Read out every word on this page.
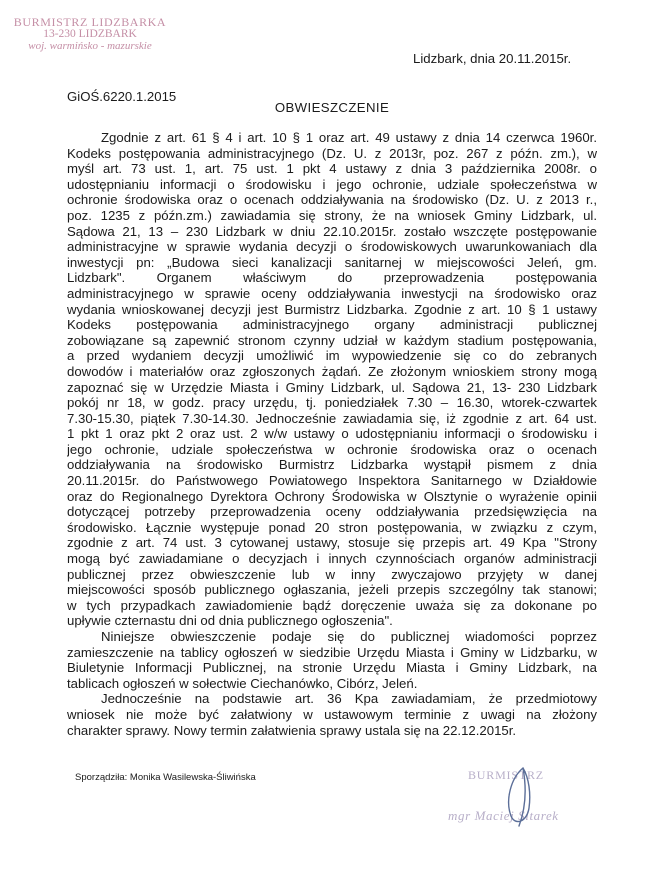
BURMISTRZ LIDZBARKA
13-230 LIDZBARK
woj. warmińsko - mazurskie
Lidzbark, dnia 20.11.2015r.
GiOŚ.6220.1.2015
OBWIESZCZENIE
Zgodnie z art. 61 § 4 i art. 10 § 1 oraz art. 49 ustawy z dnia 14 czerwca 1960r.
Kodeks postępowania administracyjnego (Dz. U. z 2013r, poz. 267 z późn. zm.), w
myśl art. 73 ust. 1, art. 75 ust. 1 pkt 4 ustawy z dnia 3 października 2008r. o
udostępnianiu informacji o środowisku i jego ochronie, udziale społeczeństwa w
ochronie środowiska oraz o ocenach oddziaływania na środowisko (Dz. U. z 2013 r.,
poz. 1235 z późn.zm.) zawiadamia się strony, że na wniosek Gminy Lidzbark, ul.
Sądowa 21, 13 – 230 Lidzbark w dniu 22.10.2015r. zostało wszczęte postępowanie
administracyjne w sprawie wydania decyzji o środowiskowych uwarunkowaniach dla
inwestycji pn: „Budowa sieci kanalizacji sanitarnej w miejscowości Jeleń, gm.
Lidzbark". Organem właściwym do przeprowadzenia postępowania
administracyjnego w sprawie oceny oddziaływania inwestycji na środowisko oraz
wydania wnioskowanej decyzji jest Burmistrz Lidzbarka. Zgodnie z art. 10 § 1 ustawy
Kodeks postępowania administracyjnego organy administracji publicznej
zobowiązane są zapewnić stronom czynny udział w każdym stadium postępowania,
a przed wydaniem decyzji umożliwić im wypowiedzenie się co do zebranych
dowodów i materiałów oraz zgłoszonych żądań. Ze złożonym wnioskiem strony mogą
zapoznać się w Urzędzie Miasta i Gminy Lidzbark, ul. Sądowa 21, 13- 230 Lidzbark
pokój nr 18, w godz. pracy urzędu, tj. poniedziałek 7.30 – 16.30, wtorek-czwartek
7.30-15.30, piątek 7.30-14.30. Jednocześnie zawiadamia się, iż zgodnie z art. 64 ust.
1 pkt 1 oraz pkt 2 oraz ust. 2 w/w ustawy o udostępnianiu informacji o środowisku i
jego ochronie, udziale społeczeństwa w ochronie środowiska oraz o ocenach
oddziaływania na środowisko Burmistrz Lidzbarka wystąpił pismem z dnia
20.11.2015r. do Państwowego Powiatowego Inspektora Sanitarnego w Działdowie
oraz do Regionalnego Dyrektora Ochrony Środowiska w Olsztynie o wyrażenie opinii
dotyczącej potrzeby przeprowadzenia oceny oddziaływania przedsięwzięcia na
środowisko. Łącznie występuje ponad 20 stron postępowania, w związku z czym,
zgodnie z art. 74 ust. 3 cytowanej ustawy, stosuje się przepis art. 49 Kpa "Strony
mogą być zawiadamiane o decyzjach i innych czynnościach organów administracji
publicznej przez obwieszczenie lub w inny zwyczajowo przyjęty w danej
miejscowości sposób publicznego ogłaszania, jeżeli przepis szczególny tak stanowi;
w tych przypadkach zawiadomienie bądź doręczenie uważa się za dokonane po
upływie czternastu dni od dnia publicznego ogłoszenia".
Niniejsze obwieszczenie podaje się do publicznej wiadomości poprzez
zamieszczenie na tablicy ogłoszeń w siedzibie Urzędu Miasta i Gminy w Lidzbarku, w
Biuletynie Informacji Publicznej, na stronie Urzędu Miasta i Gminy Lidzbark, na
tablicach ogłoszeń w sołectwie Ciechanówko, Cibórz, Jeleń.
Jednocześnie na podstawie art. 36 Kpa zawiadamiam, że przedmiotowy
wniosek nie może być załatwiony w ustawowym terminie z uwagi na złożony
charakter sprawy. Nowy termin załatwienia sprawy ustala się na 22.12.2015r.
Sporządziła: Monika Wasilewska-Śliwińska	BURMISTRZ
mgr Maciej Sitarek
